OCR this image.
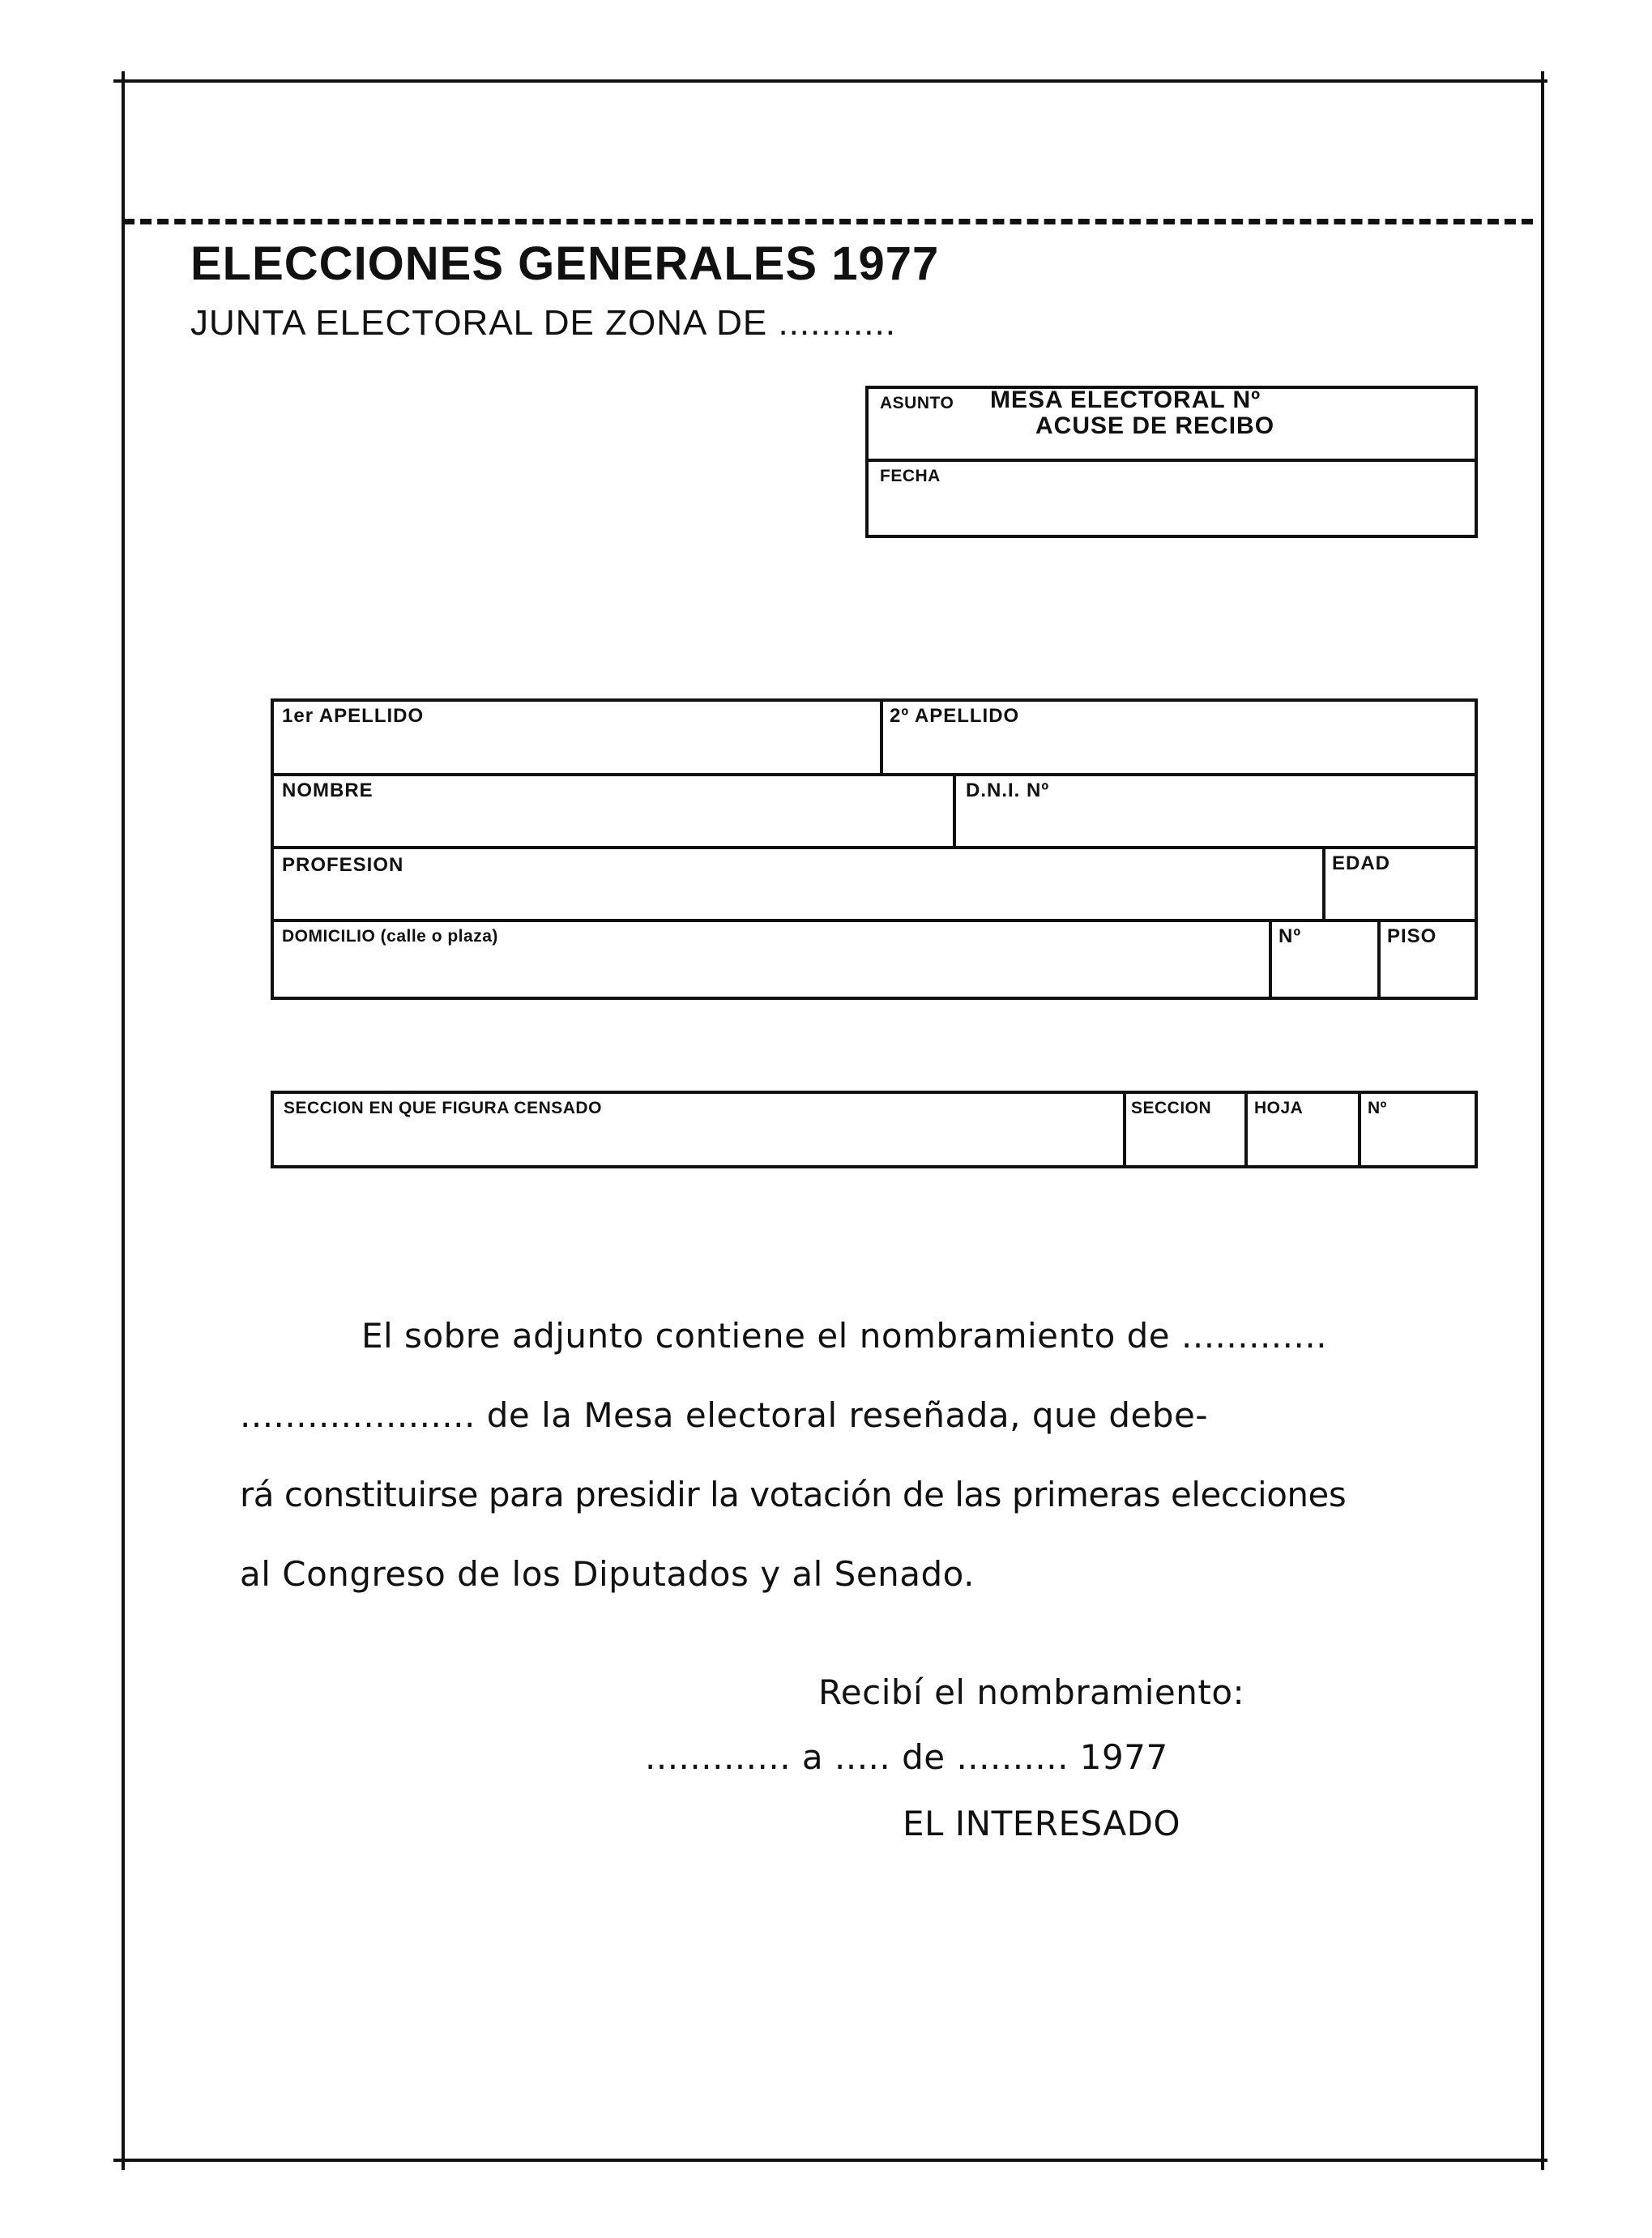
ELECCIONES GENERALES 1977
JUNTA ELECTORAL DE ZONA DE ...........
ASUNTO MESA ELECTORAL Nº
ACUSE DE RECIBO
FECHA
1er APELLIDO	2º APELLIDO
NOMBRE	D.N.I. Nº
PROFESION	EDAD
DOMICILIO (calle o plaza)	Nº	PISO
SECCION EN QUE FIGURA CENSADO	SECCION	HOJA	Nº
El sobre adjunto contiene el nombramiento de .............
..................... de la Mesa electoral reseñada, que debe-
rá constituirse para presidir la votación de las primeras elecciones
al Congreso de los Diputados y al Senado.
Recibí el nombramiento:
............. a ..... de .......... 1977
EL INTERESADO
